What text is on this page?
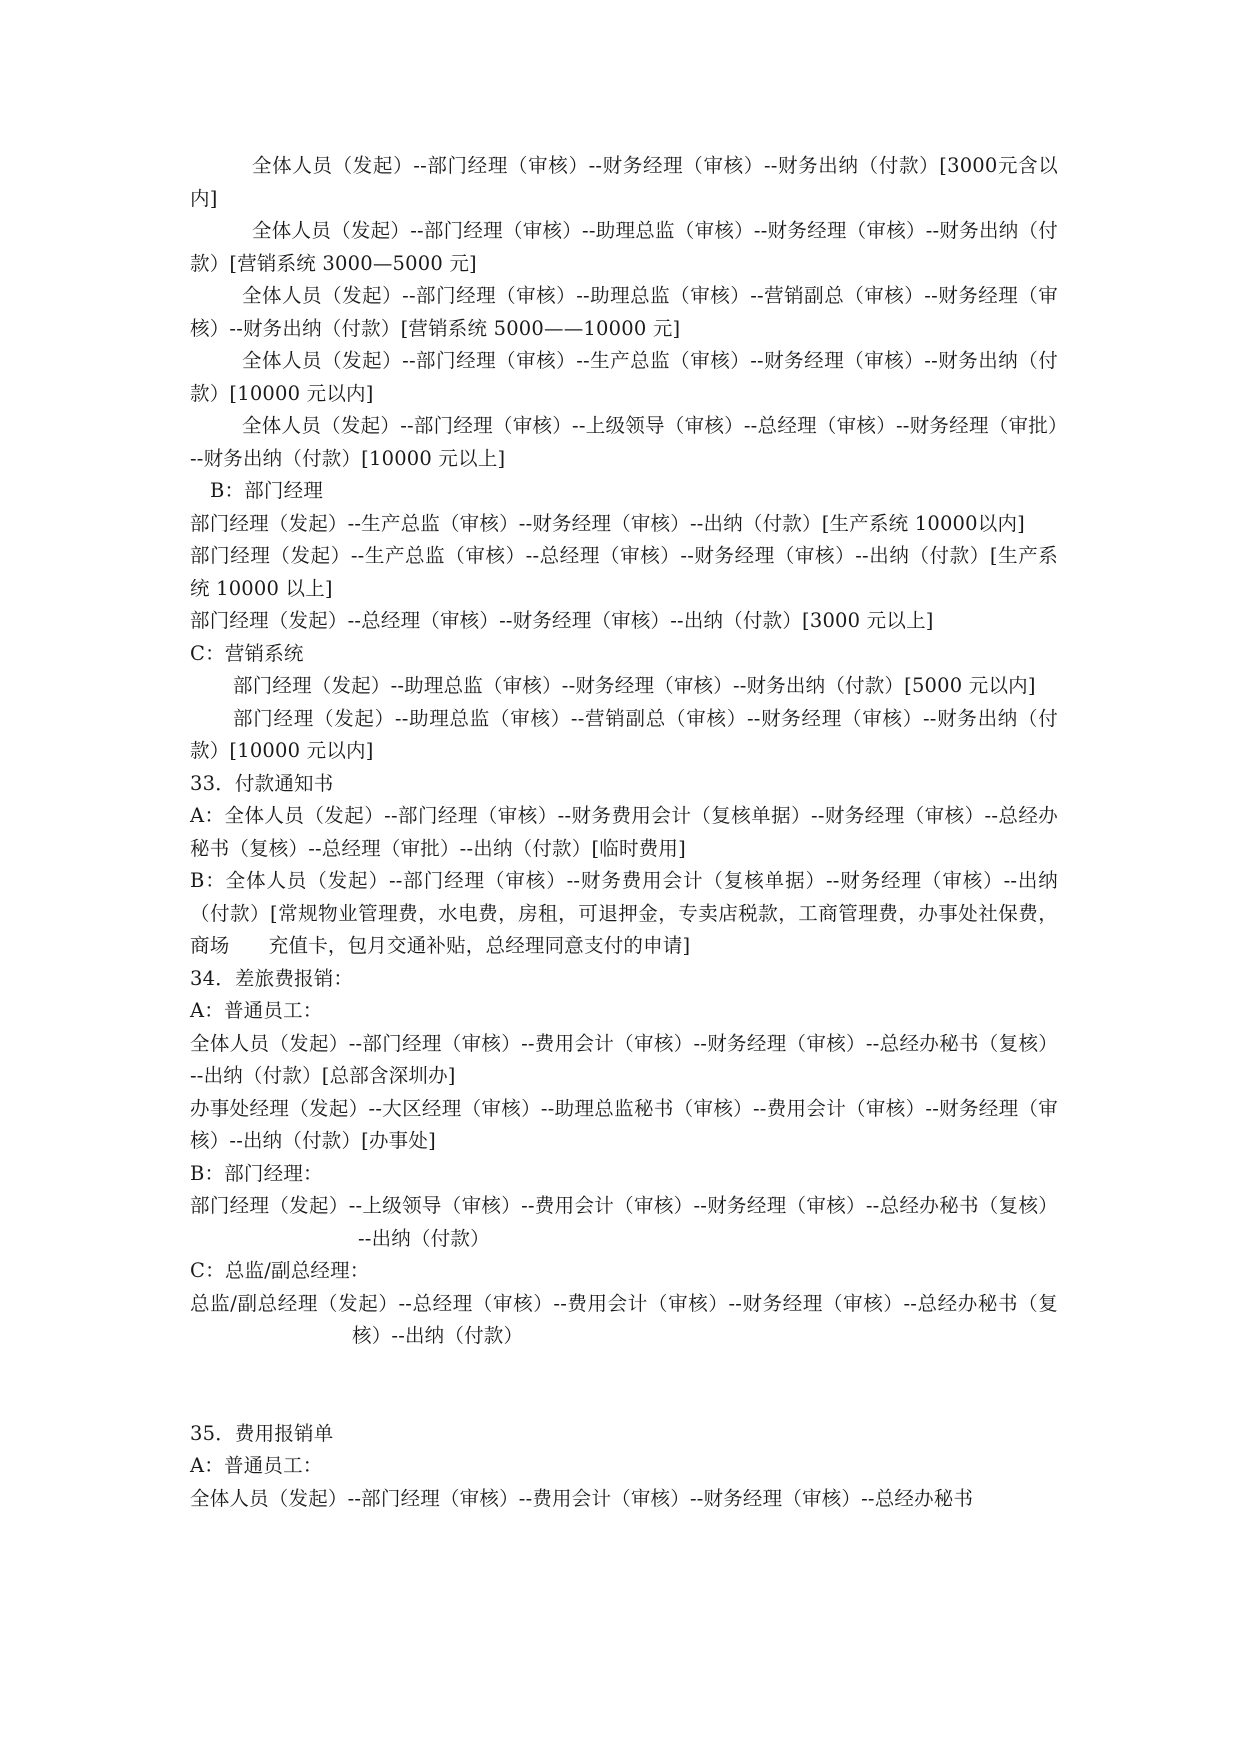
全体人员（发起）--部门经理（审核）--财务经理（审核）--财务出纳（付款）[3000元含以内]

全体人员（发起）--部门经理（审核）--助理总监（审核）--财务经理（审核）--财务出纳（付款）[营销系统 3000—5000 元]

全体人员（发起）--部门经理（审核）--助理总监（审核）--营销副总（审核）--财务经理（审核）--财务出纳（付款）[营销系统 5000——10000 元]

全体人员（发起）--部门经理（审核）--生产总监（审核）--财务经理（审核）--财务出纳（付款）[10000 元以内]

全体人员（发起）--部门经理（审核）--上级领导（审核）--总经理（审核）--财务经理（审批）--财务出纳（付款）[10000 元以上]

B：部门经理

部门经理（发起）--生产总监（审核）--财务经理（审核）--出纳（付款）[生产系统 10000以内]

部门经理（发起）--生产总监（审核）--总经理（审核）--财务经理（审核）--出纳（付款）[生产系统 10000 以上]

部门经理（发起）--总经理（审核）--财务经理（审核）--出纳（付款）[3000 元以上]

C：营销系统

部门经理（发起）--助理总监（审核）--财务经理（审核）--财务出纳（付款）[5000 元以内]

部门经理（发起）--助理总监（审核）--营销副总（审核）--财务经理（审核）--财务出纳（付款）[10000 元以内]

33．付款通知书

A：全体人员（发起）--部门经理（审核）--财务费用会计（复核单据）--财务经理（审核）--总经办秘书（复核）--总经理（审批）--出纳（付款）[临时费用]

B：全体人员（发起）--部门经理（审核）--财务费用会计（复核单据）--财务经理（审核）--出纳（付款）[常规物业管理费，水电费，房租，可退押金，专卖店税款，工商管理费，办事处社保费，商场　　充值卡，包月交通补贴，总经理同意支付的申请]

34．差旅费报销：

A：普通员工：

全体人员（发起）--部门经理（审核）--费用会计（审核）--财务经理（审核）--总经办秘书（复核）--出纳（付款）[总部含深圳办]

办事处经理（发起）--大区经理（审核）--助理总监秘书（审核）--费用会计（审核）--财务经理（审核）--出纳（付款）[办事处]

B：部门经理：

部门经理（发起）--上级领导（审核）--费用会计（审核）--财务经理（审核）--总经办秘书（复核）--出纳（付款）

C：总监/副总经理：

总监/副总经理（发起）--总经理（审核）--费用会计（审核）--财务经理（审核）--总经办秘书（复核）--出纳（付款）

35．费用报销单

A：普通员工：

全体人员（发起）--部门经理（审核）--费用会计（审核）--财务经理（审核）--总经办秘书
